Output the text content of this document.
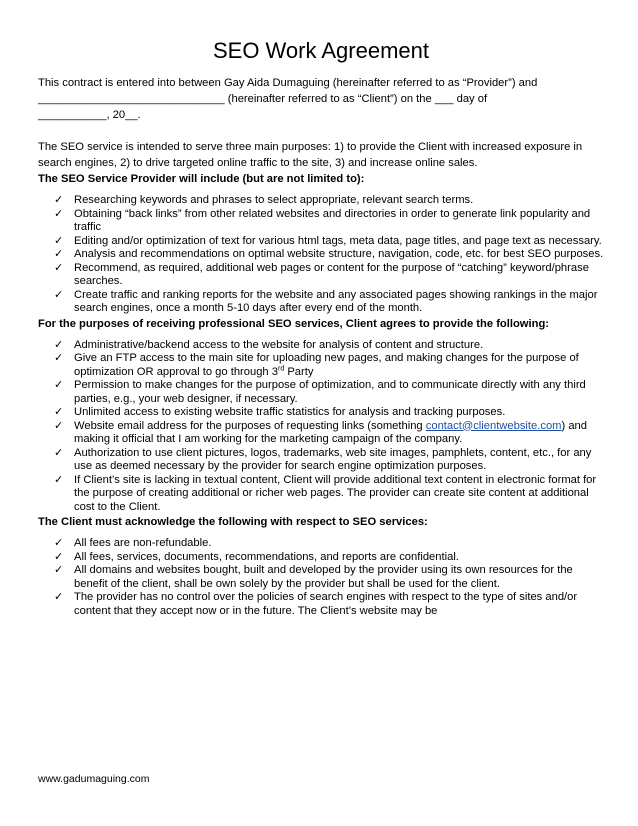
SEO Work Agreement

This contract is entered into between Gay Aida Dumaguing (hereinafter referred to as “Provider”) and

______________________________ (hereinafter referred to as “Client”) on the ___ day of

___________, 20__.

The SEO service is intended to serve three main purposes: 1) to provide the Client with increased exposure in search engines, 2) to drive targeted online traffic to the site, 3) and increase online sales.

The SEO Service Provider will include (but are not limited to):

✓ Researching keywords and phrases to select appropriate, relevant search terms.
✓ Obtaining “back links” from other related websites and directories in order to generate link popularity and traffic
✓ Editing and/or optimization of text for various html tags, meta data, page titles, and page text as necessary.
✓ Analysis and recommendations on optimal website structure, navigation, code, etc. for best SEO purposes.
✓ Recommend, as required, additional web pages or content for the purpose of “catching” keyword/phrase searches.
✓ Create traffic and ranking reports for the website and any associated pages showing rankings in the major search engines, once a month 5-10 days after every end of the month.

For the purposes of receiving professional SEO services, Client agrees to provide the following:

✓ Administrative/backend access to the website for analysis of content and structure.
✓ Give an FTP access to the main site for uploading new pages, and making changes for the purpose of optimization OR approval to go through 3rd Party
✓ Permission to make changes for the purpose of optimization, and to communicate directly with any third parties, e.g., your web designer, if necessary.
✓ Unlimited access to existing website traffic statistics for analysis and tracking purposes.
✓ Website email address for the purposes of requesting links (something contact@clientwebsite.com) and making it official that I am working for the marketing campaign of the company.
✓ Authorization to use client pictures, logos, trademarks, web site images, pamphlets, content, etc., for any use as deemed necessary by the provider for search engine optimization purposes.
✓ If Client’s site is lacking in textual content, Client will provide additional text content in electronic format for the purpose of creating additional or richer web pages. The provider can create site content at additional cost to the Client.

The Client must acknowledge the following with respect to SEO services:

✓ All fees are non-refundable.
✓ All fees, services, documents, recommendations, and reports are confidential.
✓ All domains and websites bought, built and developed by the provider using its own resources for the benefit of the client, shall be own solely by the provider but shall be used for the client.
✓ The provider has no control over the policies of search engines with respect to the type of sites and/or content that they accept now or in the future. The Client’s website may be
www.gadumaguing.com
